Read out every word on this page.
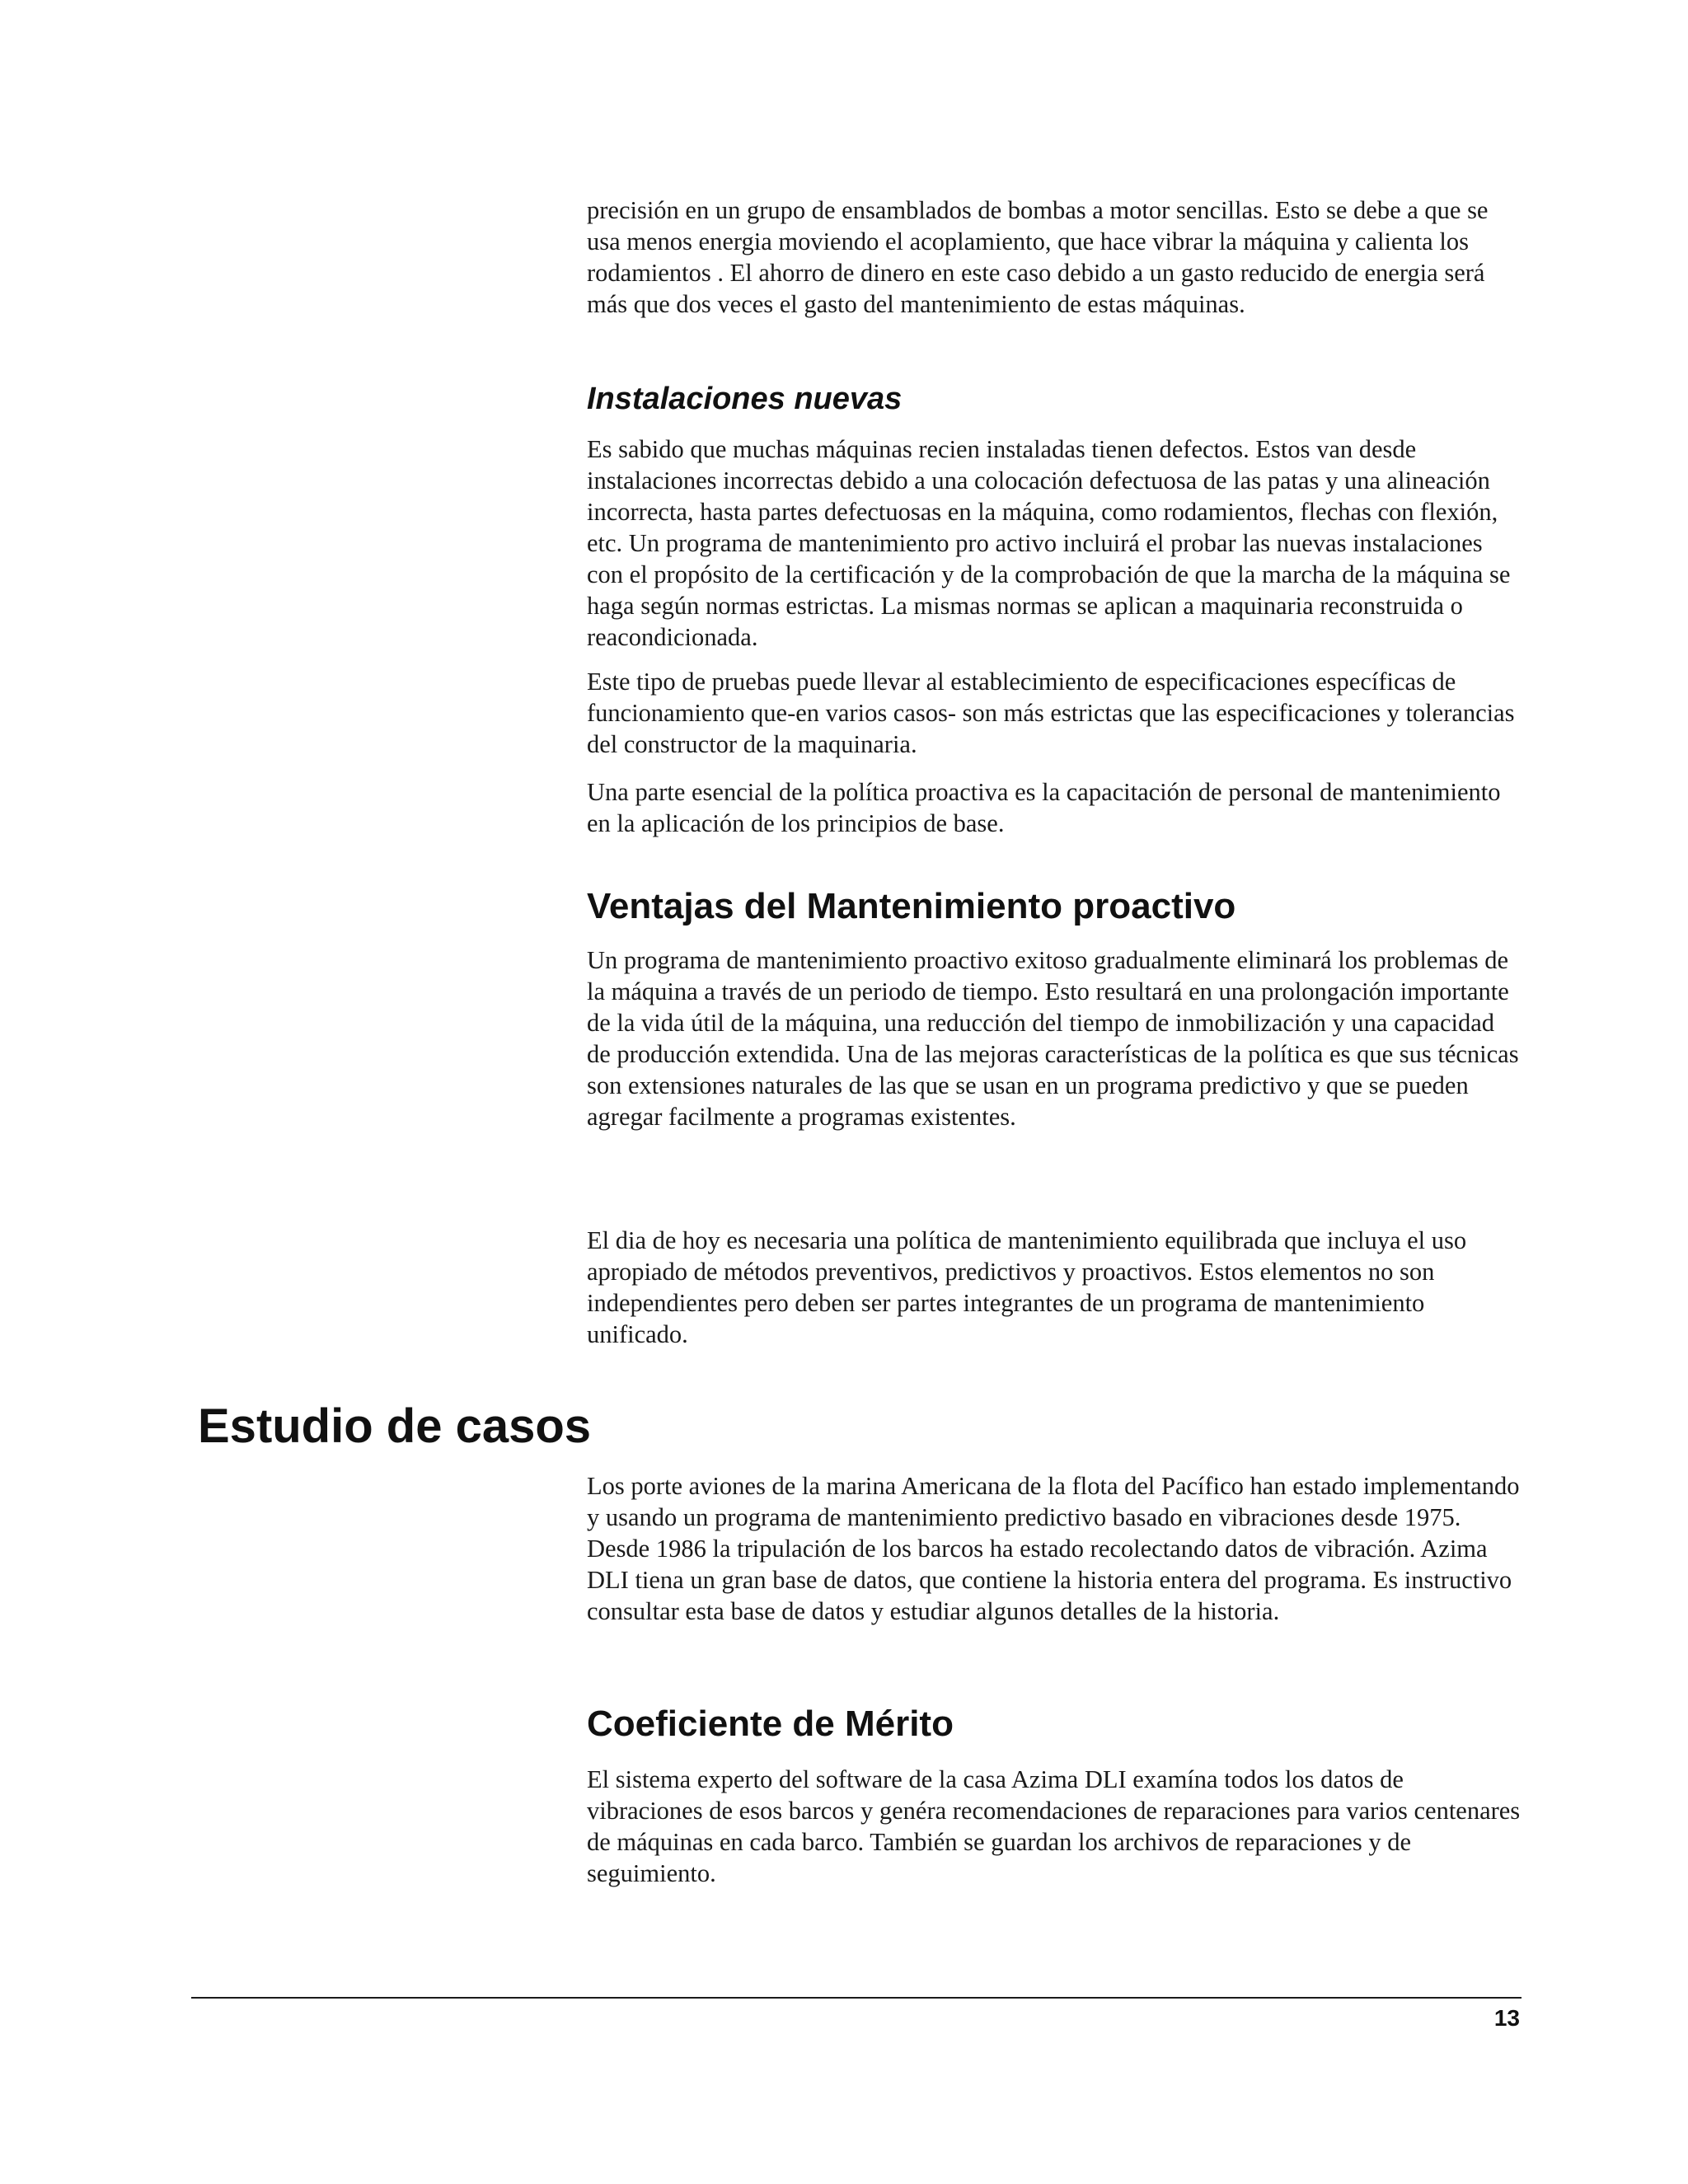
precisión en un grupo de ensamblados de bombas a motor sencillas. Esto se debe a que se usa menos energia moviendo el acoplamiento, que hace vibrar la máquina y calienta los rodamientos . El ahorro de dinero en este caso debido a un gasto reducido de energia será más que dos veces el gasto del mantenimiento de estas máquinas.

Instalaciones nuevas

Es sabido que muchas máquinas recien instaladas tienen defectos. Estos van desde instalaciones incorrectas debido a una colocación defectuosa de las patas y una alineación incorrecta, hasta partes defectuosas en la máquina, como rodamientos, flechas con flexión, etc. Un programa de mantenimiento pro activo incluirá el probar las nuevas instalaciones con el propósito de la certificación y de la comprobación de que la marcha de la máquina se haga según normas estrictas. La mismas normas se aplican a maquinaria reconstruida o reacondicionada.

Este tipo de pruebas puede llevar al establecimiento de especificaciones específicas de funcionamiento que-en varios casos- son más estrictas que las especificaciones y tolerancias del constructor de la maquinaria.

Una parte esencial de la política proactiva es la capacitación de personal de mantenimiento en la aplicación de los principios de base.

Ventajas del Mantenimiento proactivo

Un programa de mantenimiento proactivo exitoso gradualmente eliminará los problemas de la máquina a través de un periodo de tiempo. Esto resultará en una prolongación importante de la vida útil de la máquina, una reducción del tiempo de inmobilización y una capacidad de producción extendida. Una de las mejoras características de la política es que sus técnicas son extensiones naturales de las que se usan en un programa predictivo y que se pueden agregar facilmente a programas existentes.

El dia de hoy es necesaria una política de mantenimiento equilibrada que incluya el uso apropiado de métodos preventivos, predictivos y proactivos. Estos elementos no son independientes pero deben ser partes integrantes de un programa de mantenimiento unificado.

Estudio de casos

Los porte aviones de la marina Americana de la flota del Pacífico han estado implementando y usando un programa de mantenimiento predictivo basado en vibraciones desde 1975. Desde 1986 la tripulación de los barcos ha estado recolectando datos de vibración. Azima DLI tiena un gran base de datos, que contiene la historia entera del programa. Es instructivo consultar esta base de datos y estudiar algunos detalles de la historia.

Coeficiente de Mérito

El sistema experto del software de la casa Azima DLI examína todos los datos de vibraciones de esos barcos y genéra recomendaciones de reparaciones para varios centenares de máquinas en cada barco. También se guardan los archivos de reparaciones y de seguimiento.

13
